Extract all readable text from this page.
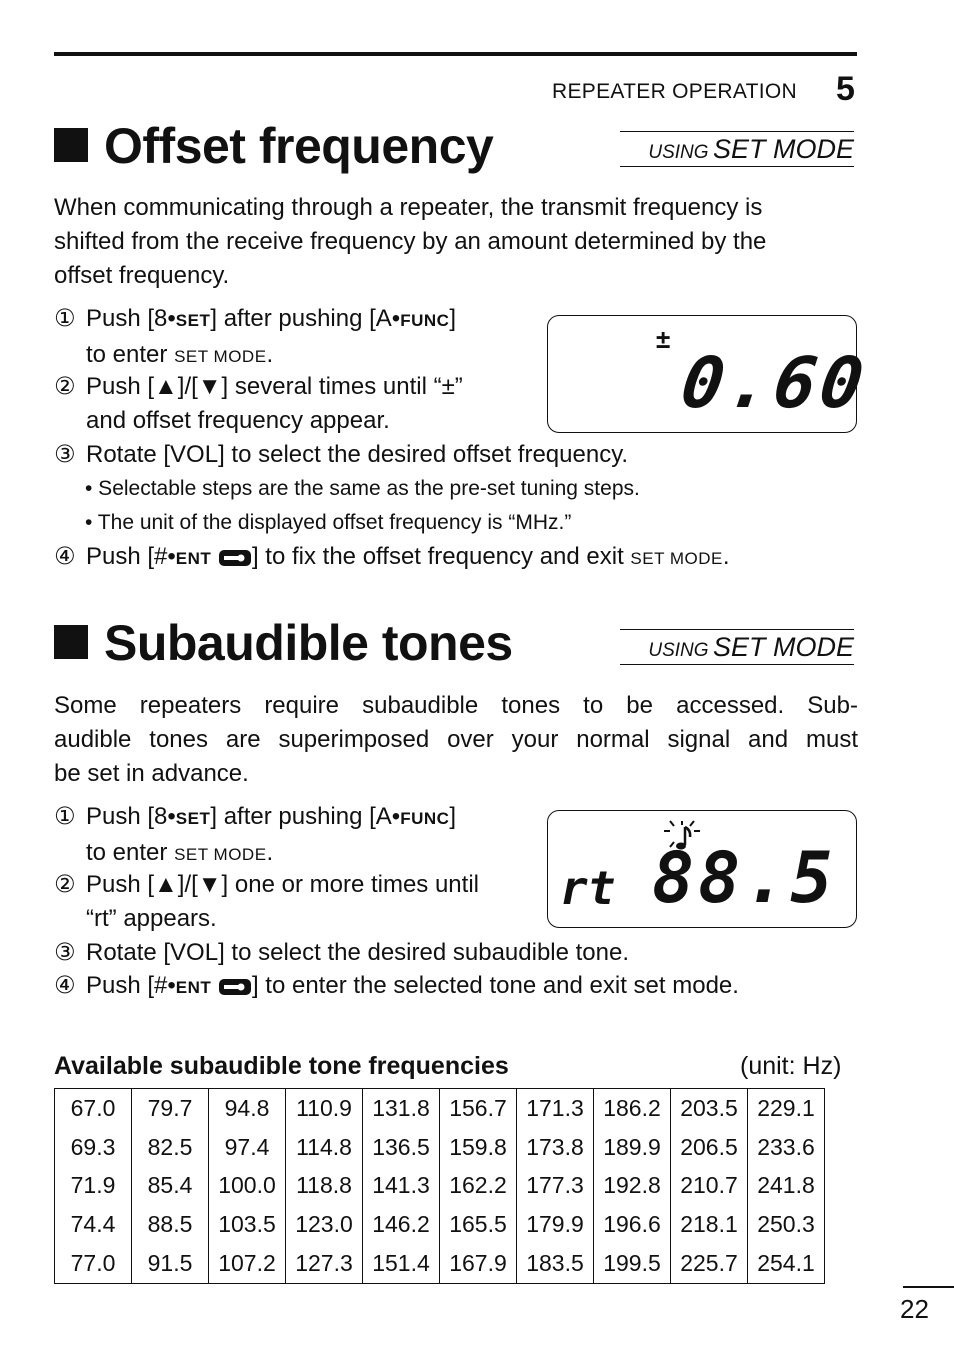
REPEATER OPERATION 5
Offset frequency	USING SET MODE
When communicating through a repeater, the transmit frequency is
shifted from the receive frequency by an amount determined by the
offset frequency.
① Push [8•SET] after pushing [A•FUNC]
to enter SET MODE.
② Push [▲]/[▼] several times until “±”
and offset frequency appear.
③ Rotate [VOL] to select the desired offset frequency.
• Selectable steps are the same as the pre-set tuning steps.
• The unit of the displayed offset frequency is “MHz.”
④ Push [#•ENT ] to fix the offset frequency and exit SET MODE.
±
0.60
Subaudible tones	USING SET MODE
Some repeaters require subaudible tones to be accessed. Sub-
audible tones are superimposed over your normal signal and must
be set in advance.
① Push [8•SET] after pushing [A•FUNC]
to enter SET MODE.
② Push [▲]/[▼] one or more times until
“rt” appears.
③ Rotate [VOL] to select the desired subaudible tone.
④ Push [#•ENT ] to enter the selected tone and exit set mode.
rt 88.5
Available subaudible tone frequencies	(unit: Hz)
67.0	79.7	94.8	110.9	131.8	156.7	171.3	186.2	203.5	229.1
69.3	82.5	97.4	114.8	136.5	159.8	173.8	189.9	206.5	233.6
71.9	85.4	100.0	118.8	141.3	162.2	177.3	192.8	210.7	241.8
74.4	88.5	103.5	123.0	146.2	165.5	179.9	196.6	218.1	250.3
77.0	91.5	107.2	127.3	151.4	167.9	183.5	199.5	225.7	254.1
22
